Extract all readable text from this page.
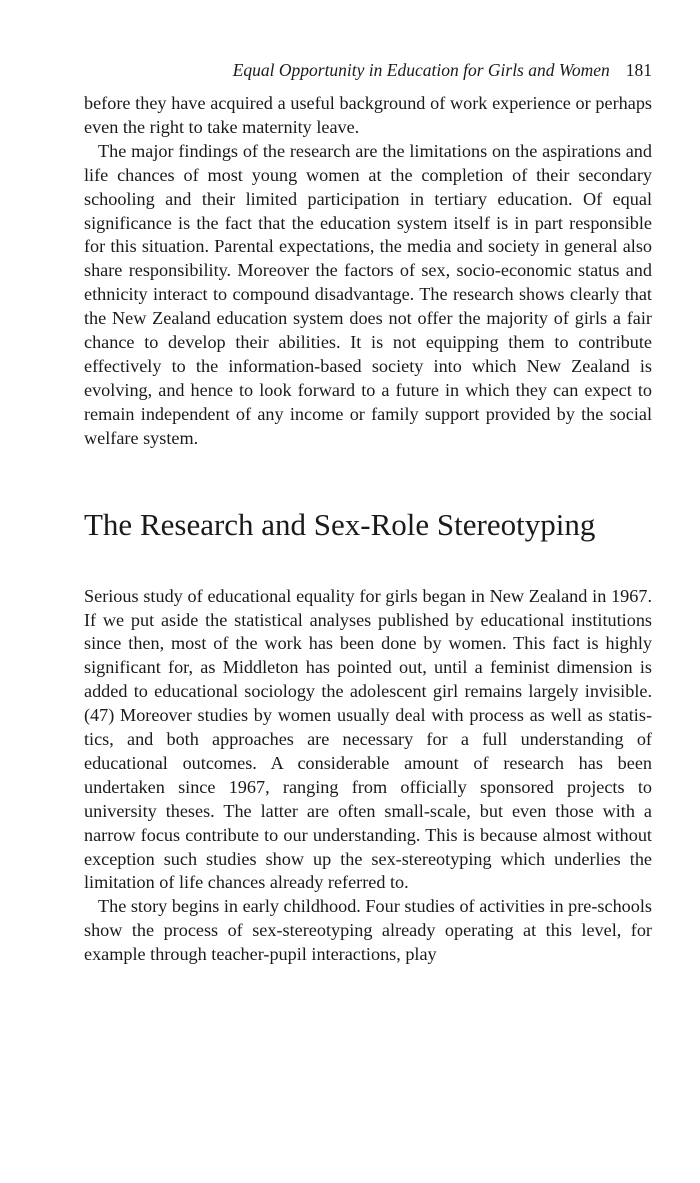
Equal Opportunity in Education for Girls and Women 181

before they have acquired a useful background of work experience or perhaps even the right to take maternity leave.

The major findings of the research are the limitations on the aspirations and life chances of most young women at the completion of their secondary schooling and their limited participation in tertiary education. Of equal significance is the fact that the education system itself is in part responsible for this situation. Parental expectations, the media and society in general also share responsibility. Moreover the factors of sex, socio-economic status and ethnicity interact to compound disadvantage. The research shows clearly that the New Zealand education system does not offer the majority of girls a fair chance to develop their abilities. It is not equipping them to contribute effectively to the information-based society into which New Zealand is evolving, and hence to look forward to a future in which they can expect to remain independent of any income or family support provided by the social welfare system.

The Research and Sex-Role Stereotyping

Serious study of educational equality for girls began in New Zealand in 1967. If we put aside the statistical analyses published by educational institutions since then, most of the work has been done by women. This fact is highly significant for, as Middleton has pointed out, until a feminist dimension is added to educational sociology the adolescent girl remains largely invisible. (47) Moreover studies by women usually deal with process as well as statistics, and both approaches are necessary for a full understanding of educational outcomes. A considerable amount of research has been undertaken since 1967, ranging from officially sponsored projects to university theses. The latter are often small-scale, but even those with a narrow focus contribute to our understanding. This is because almost without exception such studies show up the sex-stereotyping which underlies the limitation of life chances already referred to.

The story begins in early childhood. Four studies of activities in pre-schools show the process of sex-stereotyping already operating at this level, for example through teacher-pupil interactions, play
